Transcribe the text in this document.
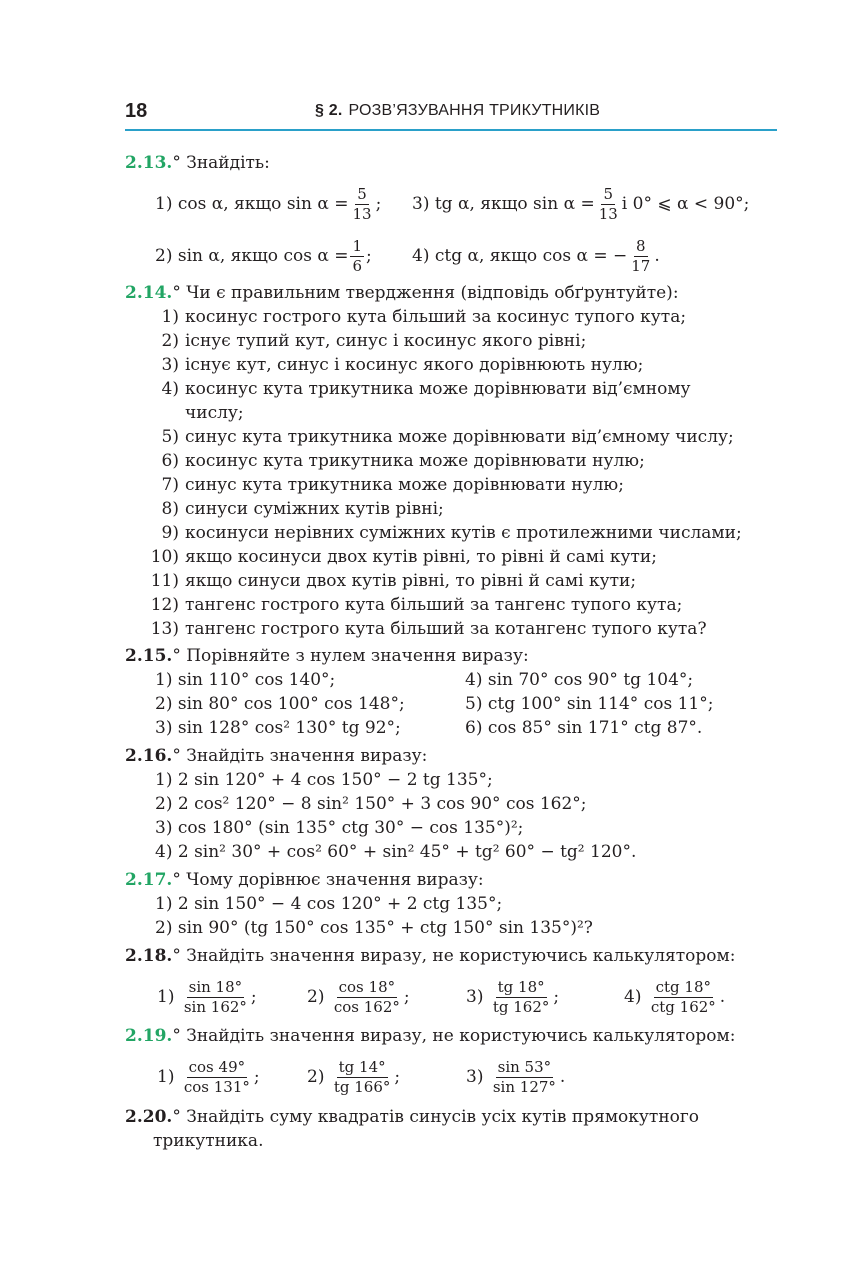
18	§ 2. РОЗВ’ЯЗУВАННЯ ТРИКУТНИКІВ
2.13.° Знайдіть:
1) cos α, якщо $\sin \alpha = \frac{5}{13}$ ; 3) tg α, якщо $\sin \alpha = \frac{5}{13}$ і 0° ⩽ α < 90°;
2) sin α, якщо $\cos \alpha = \frac{1}{6}$ ; 4) ctg α, якщо cos α = − $\frac{8}{17}$ .
2.14.° Чи є правильним твердження (відповідь обґрунтуйте):
1) косинус гострого кута більший за косинус тупого кута;
2) існує тупий кут, синус і косинус якого рівні;
3) існує кут, синус і косинус якого дорівнюють нулю;
4) косинус кута трикутника може дорівнювати від’ємному
числу;
5) синус кута трикутника може дорівнювати від’ємному числу;
6) косинус кута трикутника може дорівнювати нулю;
7) синус кута трикутника може дорівнювати нулю;
8) синуси суміжних кутів рівні;
9) косинуси нерівних суміжних кутів є протилежними числами;
10) якщо косинуси двох кутів рівні, то рівні й самі кути;
11) якщо синуси двох кутів рівні, то рівні й самі кути;
12) тангенс гострого кута більший за тангенс тупого кута;
13) тангенс гострого кута більший за котангенс тупого кута?
2.15.° Порівняйте з нулем значення виразу:
1) sin 110° cos 140°;	4) sin 70° cos 90° tg 104°;
2) sin 80° cos 100° cos 148°;	5) ctg 100° sin 114° cos 11°;
3) sin 128° cos² 130° tg 92°;	6) cos 85° sin 171° ctg 87°.
2.16.° Знайдіть значення виразу:
1) 2 sin 120° + 4 cos 150° − 2 tg 135°;
2) 2 cos² 120° − 8 sin² 150° + 3 cos 90° cos 162°;
3) cos 180° (sin 135° ctg 30° − cos 135°)²;
4) 2 sin² 30° + cos² 60° + sin² 45° + tg² 60° − tg² 120°.
2.17.° Чому дорівнює значення виразу:
1) 2 sin 150° − 4 cos 120° + 2 ctg 135°;
2) sin 90° (tg 150° cos 135° + ctg 150° sin 135°)²?
2.18.° Знайдіть значення виразу, не користуючись калькулятором:
1)
$\frac{\sin 18^\circ}{\sin 162^\circ}$ ;	2)
$\frac{\cos 18^\circ}{\cos 162^\circ}$ ;	3)
$\frac{tg 18^\circ}{tg 162^\circ}$ ;	4)
$\frac{\text{ctg 18°}}{\text{ctg 162°}}$ .
2.19.° Знайдіть значення виразу, не користуючись калькулятором:
1)
$\frac{\cos 49^\circ}{\cos 131^\circ}$ ;	2)
$\frac{tg 14^\circ}{tg 166^\circ}$ ;	3)
$\frac{\sin 53^\circ}{\sin 127^\circ}$ .
2.20.° Знайдіть суму квадратів синусів усіх кутів прямокутного
трикутника.
